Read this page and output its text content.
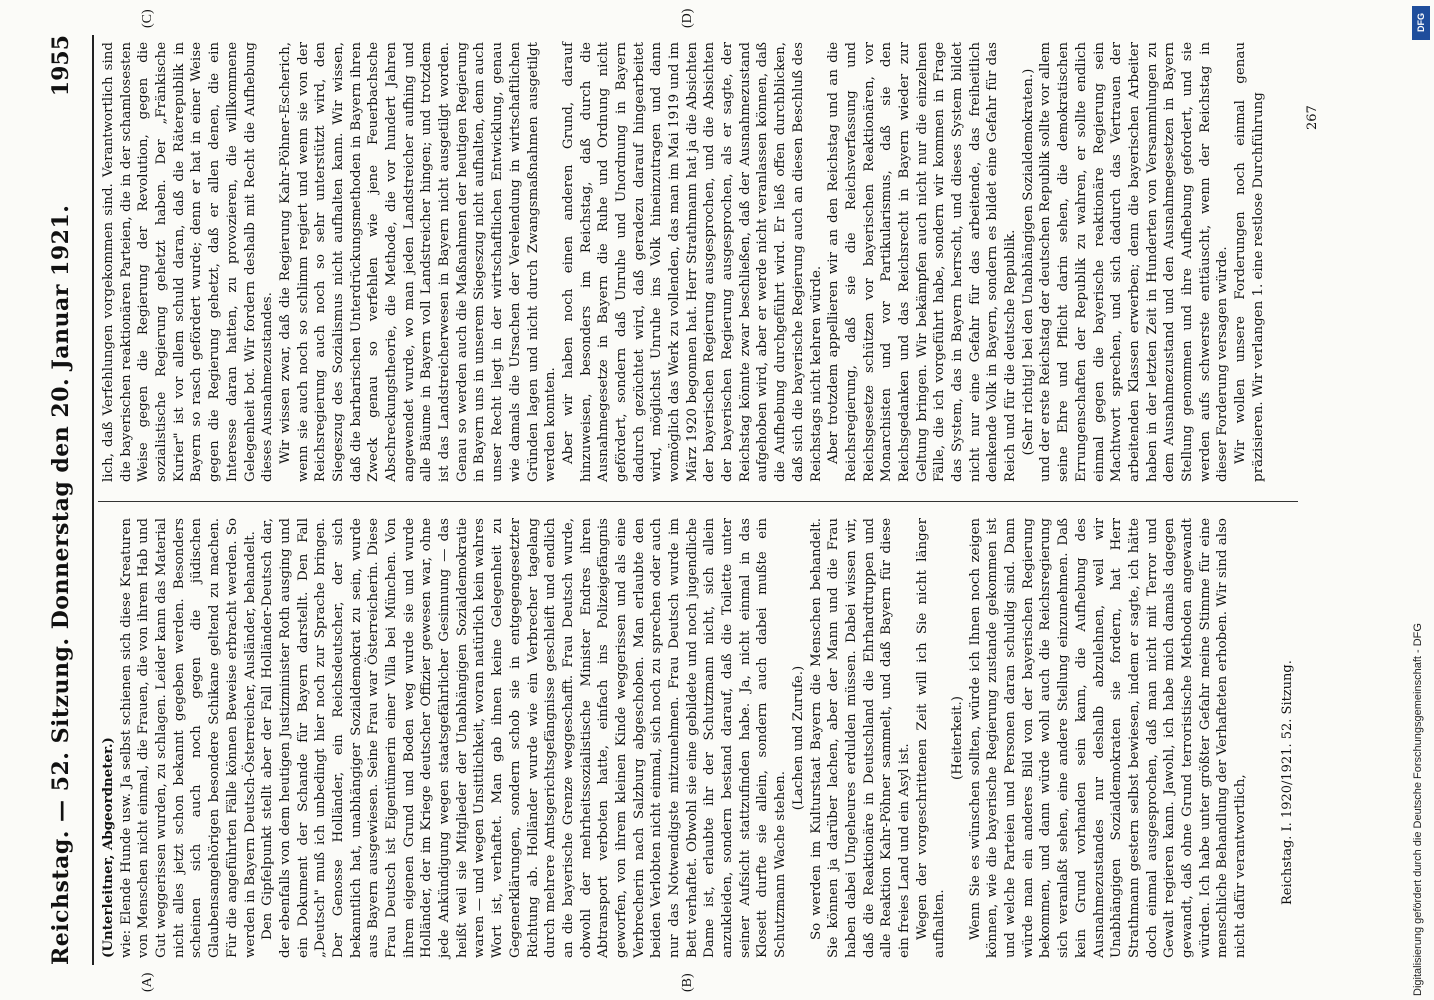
Reichstag. — 52. Sitzung. Donnerstag den 20. Januar 1921.
1955
(A)	(B)
(C)	(D)

(Unterleitner, Abgeordneter.) wie: Elende Hunde usw. Ja selbst schienen sich diese Kreaturen von Menschen nicht einmal, die Frauen, die von ihrem Hab und Gut weggerissen wurden, zu schlagen. Leider kann das Material nicht alles jetzt schon bekannt gegeben werden. Besonders scheinen sich auch noch gegen die jüdischen Glaubensangehörigen besondere Schikane geltend zu machen. Für die angeführten Fälle können Beweise erbracht werden. So werden in Bayern Deutsch-Österreicher, Ausländer, behandelt. Den Gipfelpunkt stellt aber der Fall Holländer-Deutsch dar, der ebenfalls von dem heutigen Justizminister Roth ausging und ein Dokument der Schande für Bayern darstellt. Den Fall „Deutsch" muß ich unbedingt hier noch zur Sprache bringen. Der Genosse Holländer, ein Reichsdeutscher, der sich bekanntlich hat, unabhängiger Sozialdemokrat zu sein, wurde aus Bayern ausgewiesen. Seine Frau war Österreicherin. Diese Frau Deutsch ist Eigentümerin einer Villa bei München. Von ihrem eigenen Grund und Boden weg wurde sie und wurde Holländer, der im Kriege deutscher Offizier gewesen war, ohne jede Ankündigung wegen staatsgefährlicher Gesinnung — das heißt weil sie Mitglieder der Unabhängigen Sozialdemokratie waren — und wegen Unsittlichkeit, woran natürlich kein wahres Wort ist, verhaftet. Man gab ihnen keine Gelegenheit zu Gegenerklärungen, sondern schob sie in entgegengesetzter Richtung ab. Holländer wurde wie ein Verbrecher tagelang durch mehrere Amtsgerichtsgefängnisse geschleift und endlich an die bayerische Grenze weggeschafft. Frau Deutsch wurde, obwohl der mehrheitssozialistische Minister Endres ihren Abtransport verboten hatte, einfach ins Polizeigefängnis geworfen, von ihrem kleinen Kinde weggerissen und als eine Verbrecherin nach Salzburg abgeschoben. Man erlaubte den beiden Verlobten nicht einmal, sich noch zu sprechen oder auch nur das Notwendigste mitzunehmen. Frau Deutsch wurde im Bett verhaftet. Obwohl sie eine gebildete und noch jugendliche Dame ist, erlaubte ihr der Schutzmann nicht, sich allein anzukleiden, sondern bestand darauf, daß die Toilette unter seiner Aufsicht stattzufinden habe. Ja, nicht einmal in das Klosett durfte sie allein, sondern auch dabei mußte ein Schutzmann Wache stehen.

(Lachen und Zurufe.) So werden im Kulturstaat Bayern die Menschen behandelt. Sie können ja darüber lachen, aber der Mann und die Frau haben dabei Ungeheures erdulden müssen. Dabei wissen wir, daß die Reaktionäre in Deutschland die Ehrhardtruppen und alle Reaktion Kahr-Pöhner sammelt, und daß Bayern für diese ein freies Land und ein Asyl ist. Wegen der vorgeschrittenen Zeit will ich Sie nicht länger aufhalten.

(Heiterkeit.) Wenn Sie es wünschen sollten, würde ich Ihnen noch zeigen können, wie die bayerische Regierung zustande gekommen ist und welche Parteien und Personen daran schuldig sind. Dann würde man ein anderes Bild von der bayerischen Regierung bekommen, und dann würde wohl auch die Reichsregierung sich veranlaßt sehen, eine andere Stellung einzunehmen. Daß kein Grund vorhanden sein kann, die Aufhebung des Ausnahmezustandes nur deshalb abzulehnen, weil wir Unabhängigen Sozialdemokraten sie fordern, hat Herr Strathmann gestern selbst bewiesen, indem er sagte, ich hätte doch einmal ausgesprochen, daß man nicht mit Terror und Gewalt regieren kann. Jawohl, ich habe mich damals dagegen gewandt, daß ohne Grund terroristische Methoden angewandt würden. Ich habe unter größter Gefahr meine Stimme für eine menschliche Behandlung der Verhafteten erhoben. Wir sind also nicht dafür verantwortlich,

lich, daß Verfehlungen vorgekommen sind. Verantwortlich sind die bayerischen reaktionären Parteien, die in der schamlosesten Weise gegen die Regierung der Revolution, gegen die sozialistische Regierung gehetzt haben. Der „Fränkische Kurier" ist vor allem schuld daran, daß die Räterepublik in Bayern so rasch gefördert wurde; denn er hat in einer Weise gegen die Regierung gehetzt, daß er allen denen, die ein Interesse daran hatten, zu provozieren, die willkommene Gelegenheit bot. Wir fordern deshalb mit Recht die Aufhebung dieses Ausnahmezustandes. Wir wissen zwar, daß die Regierung Kahr-Pöhner-Escherich, wenn sie auch noch so schlimm regiert und wenn sie von der Reichsregierung auch noch so sehr unterstützt wird, den Siegeszug des Sozialismus nicht aufhalten kann. Wir wissen, daß die barbarischen Unterdrückungsmethoden in Bayern ihren Zweck genau so verfehlen wie jene Feuerbachsche Abschreckungstheorie, die Methode, die vor hundert Jahren angewendet wurde, wo man jeden Landstreicher aufhing und alle Bäume in Bayern voll Landstreicher hingen; und trotzdem ist das Landstreicherwesen in Bayern nicht ausgetilgt worden. Genau so werden auch die Maßnahmen der heutigen Regierung in Bayern uns in unserem Siegeszug nicht aufhalten, denn auch unser Recht liegt in der wirtschaftlichen Entwicklung, genau wie damals die Ursachen der Verelendung in wirtschaftlichen Gründen lagen und nicht durch Zwangsmaßnahmen ausgetilgt werden konnten. Aber wir haben noch einen anderen Grund, darauf hinzuweisen, besonders im Reichstag, daß durch die Ausnahmegesetze in Bayern die Ruhe und Ordnung nicht gefördert, sondern daß Unruhe und Unordnung in Bayern dadurch gezüchtet wird, daß geradezu darauf hingearbeitet wird, möglichst Unruhe ins Volk hineinzutragen und dann womöglich das Werk zu vollenden, das man im Mai 1919 und im März 1920 begonnen hat. Herr Strathmann hat ja die Absichten der bayerischen Regierung ausgesprochen, und die Absichten der bayerischen Regierung ausgesprochen, als er sagte, der Reichstag könnte zwar beschließen, daß der Ausnahmezustand aufgehoben wird, aber er werde nicht veranlassen können, daß die Aufhebung durchgeführt wird. Er ließ offen durchblicken, daß sich die bayerische Regierung auch an diesen Beschluß des Reichstags nicht kehren würde. Aber trotzdem appellieren wir an den Reichstag und an die Reichsregierung, daß sie die Reichsverfassung und Reichsgesetze schützen vor bayerischen Reaktionären, vor Monarchisten und vor Partikularismus, daß sie den Reichsgedanken und das Reichsrecht in Bayern wieder zur Geltung bringen. Wir bekämpfen auch nicht nur die einzelnen Fälle, die ich vorgeführt habe, sondern wir kommen in Frage das System, das in Bayern herrscht, und dieses System bildet nicht nur eine Gefahr für das arbeitende, das freiheitlich denkende Volk in Bayern, sondern es bildet eine Gefahr für das Reich und für die deutsche Republik. (Sehr richtig! bei den Unabhängigen Sozialdemokraten.) und der erste Reichstag der deutschen Republik sollte vor allem seine Ehre und Pflicht darin sehen, die demokratischen Errungenschaften der Republik zu wahren, er sollte endlich einmal gegen die bayerische reaktionäre Regierung sein Machtwort sprechen, und sich dadurch das Vertrauen der arbeitenden Klassen erwerben; denn die bayerischen Arbeiter haben in der letzten Zeit in Hunderten von Versammlungen zu dem Ausnahmezustand und den Ausnahmegesetzen in Bayern Stellung genommen und ihre Aufhebung gefordert, und sie werden aufs schwerste enttäuscht, wenn der Reichstag in dieser Forderung versagen würde. Wir wollen unsere Forderungen noch einmal genau präzisieren. Wir verlangen 1. eine restlose Durchführung

Reichstag. I. 1920/1921. 52. Sitzung.
267
DFG
Digitalisierung gefördert durch die Deutsche Forschungsgemeinschaft - DFG
